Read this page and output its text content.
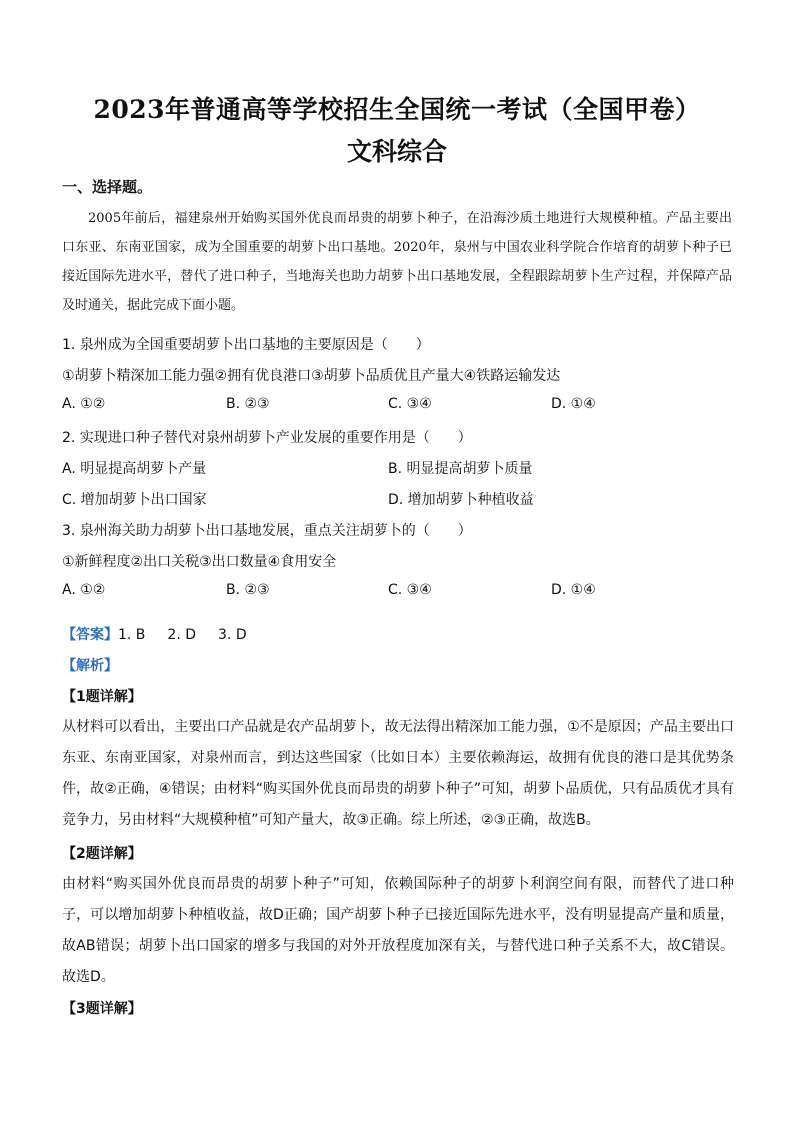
2023年普通高等学校招生全国统一考试（全国甲卷）
文科综合
一、选择题。
2005年前后，福建泉州开始购买国外优良而昂贵的胡萝卜种子，在沿海沙质土地进行大规模种植。产品主要出口东亚、东南亚国家，成为全国重要的胡萝卜出口基地。2020年，泉州与中国农业科学院合作培育的胡萝卜种子已接近国际先进水平，替代了进口种子，当地海关也助力胡萝卜出口基地发展，全程跟踪胡萝卜生产过程，并保障产品及时通关，据此完成下面小题。
1. 泉州成为全国重要胡萝卜出口基地的主要原因是（　　）
①胡萝卜精深加工能力强②拥有优良港口③胡萝卜品质优且产量大④铁路运输发达
A. ①②	B. ②③	C. ③④	D. ①④
2. 实现进口种子替代对泉州胡萝卜产业发展的重要作用是（　　）
A. 明显提高胡萝卜产量	B. 明显提高胡萝卜质量
C. 增加胡萝卜出口国家	D. 增加胡萝卜种植收益
3. 泉州海关助力胡萝卜出口基地发展，重点关注胡萝卜的（　　）
①新鲜程度②出口关税③出口数量④食用安全
A. ①②	B. ②③	C. ③④	D. ①④
【答案】1. B 2. D 3. D
【解析】
【1题详解】
从材料可以看出，主要出口产品就是农产品胡萝卜，故无法得出精深加工能力强，①不是原因；产品主要出口东亚、东南亚国家，对泉州而言，到达这些国家（比如日本）主要依赖海运，故拥有优良的港口是其优势条件，故②正确，④错误；由材料“购买国外优良而昂贵的胡萝卜种子”可知，胡萝卜品质优，只有品质优才具有竞争力，另由材料“大规模种植”可知产量大，故③正确。综上所述，②③正确，故选B。
【2题详解】
由材料“购买国外优良而昂贵的胡萝卜种子”可知，依赖国际种子的胡萝卜利润空间有限，而替代了进口种子，可以增加胡萝卜种植收益，故D正确；国产胡萝卜种子已接近国际先进水平，没有明显提高产量和质量，故AB错误；胡萝卜出口国家的增多与我国的对外开放程度加深有关，与替代进口种子关系不大，故C错误。故选D。
【3题详解】
